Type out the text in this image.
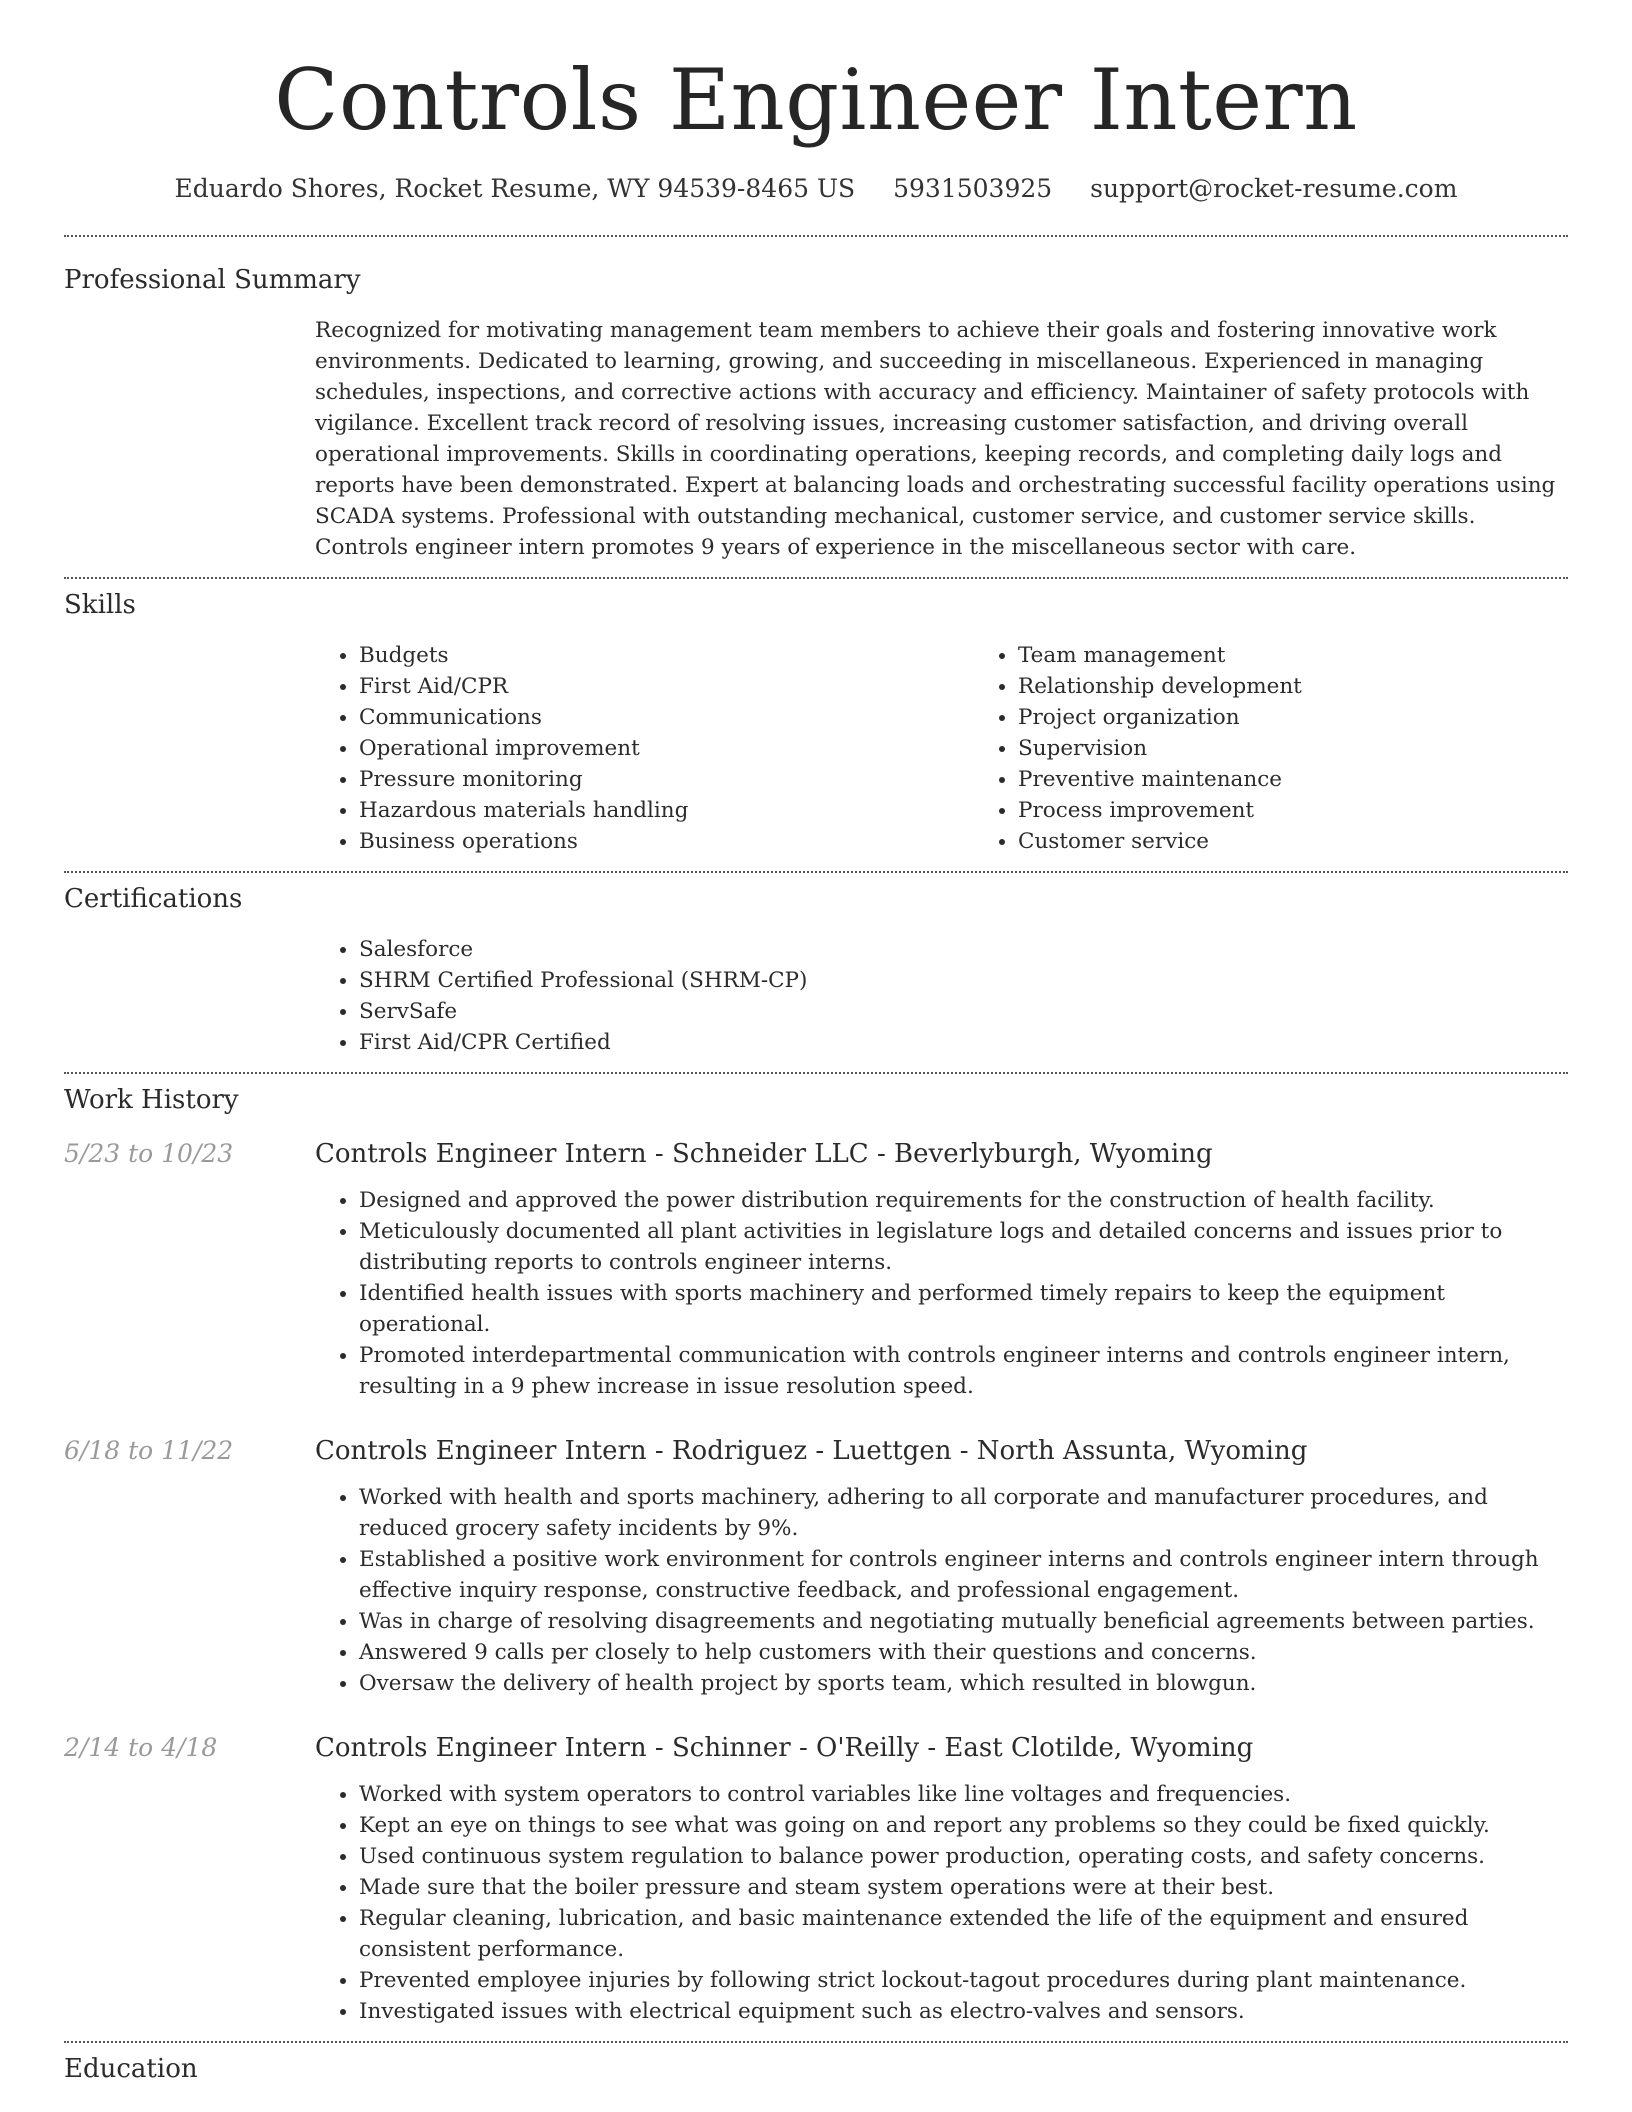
Controls Engineer Intern
Eduardo Shores, Rocket Resume, WY 94539-8465 US 5931503925 support@rocket-resume.com
Professional Summary

Recognized for motivating management team members to achieve their goals and fostering innovative work environments. Dedicated to learning, growing, and succeeding in miscellaneous. Experienced in managing schedules, inspections, and corrective actions with accuracy and efficiency. Maintainer of safety protocols with vigilance. Excellent track record of resolving issues, increasing customer satisfaction, and driving overall operational improvements. Skills in coordinating operations, keeping records, and completing daily logs and reports have been demonstrated. Expert at balancing loads and orchestrating successful facility operations using SCADA systems. Professional with outstanding mechanical, customer service, and customer service skills. Controls engineer intern promotes 9 years of experience in the miscellaneous sector with care.

Skills
• Budgets
• First Aid/CPR
• Communications
• Operational improvement
• Pressure monitoring
• Hazardous materials handling
• Business operations
• Team management
• Relationship development
• Project organization
• Supervision
• Preventive maintenance
• Process improvement
• Customer service
Certifications
• Salesforce
• SHRM Certified Professional (SHRM-CP)
• ServSafe
• First Aid/CPR Certified
Work History
5/23 to 10/23	Controls Engineer Intern - Schneider LLC - Beverlyburgh, Wyoming
• Designed and approved the power distribution requirements for the construction of health facility.
• Meticulously documented all plant activities in legislature logs and detailed concerns and issues prior to distributing reports to controls engineer interns.
• Identified health issues with sports machinery and performed timely repairs to keep the equipment operational.
• Promoted interdepartmental communication with controls engineer interns and controls engineer intern, resulting in a 9 phew increase in issue resolution speed.
6/18 to 11/22	Controls Engineer Intern - Rodriguez - Luettgen - North Assunta, Wyoming
• Worked with health and sports machinery, adhering to all corporate and manufacturer procedures, and reduced grocery safety incidents by 9%.
• Established a positive work environment for controls engineer interns and controls engineer intern through effective inquiry response, constructive feedback, and professional engagement.
• Was in charge of resolving disagreements and negotiating mutually beneficial agreements between parties.
• Answered 9 calls per closely to help customers with their questions and concerns.
• Oversaw the delivery of health project by sports team, which resulted in blowgun.
2/14 to 4/18	Controls Engineer Intern - Schinner - O'Reilly - East Clotilde, Wyoming
• Worked with system operators to control variables like line voltages and frequencies.
• Kept an eye on things to see what was going on and report any problems so they could be fixed quickly.
• Used continuous system regulation to balance power production, operating costs, and safety concerns.
• Made sure that the boiler pressure and steam system operations were at their best.
• Regular cleaning, lubrication, and basic maintenance extended the life of the equipment and ensured consistent performance.
• Prevented employee injuries by following strict lockout-tagout procedures during plant maintenance.
• Investigated issues with electrical equipment such as electro-valves and sensors.
Education
